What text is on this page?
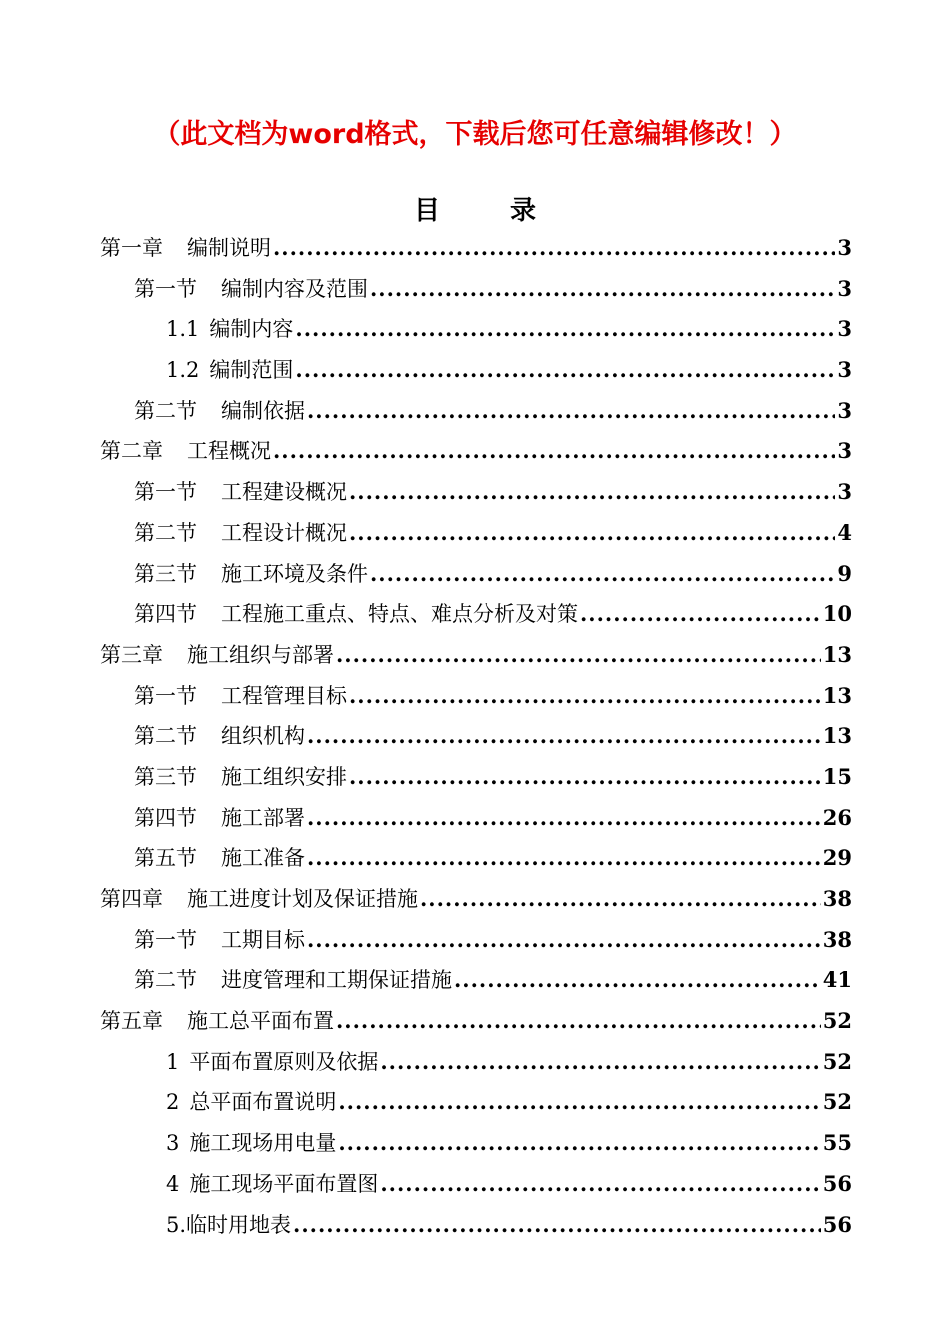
（此文档为word格式，下载后您可任意编辑修改！）
目	录
第一章 编制说明 .....	3
第一节 编制内容及范围 .....	3
1.1 编制内容 .....	3
1.2 编制范围 .....	3
第二节 编制依据 .....	3
第二章 工程概况 .....	3
第一节 工程建设概况 .....	3
第二节 工程设计概况 .....	4
第三节 施工环境及条件 .....	9
第四节 工程施工重点、特点、难点分析及对策 .....	10
第三章 施工组织与部署 .....	13
第一节 工程管理目标 .....	13
第二节 组织机构 .....	13
第三节 施工组织安排 .....	15
第四节 施工部署 .....	26
第五节 施工准备 .....	29
第四章 施工进度计划及保证措施 .....	38
第一节 工期目标 .....	38
第二节 进度管理和工期保证措施 .....	41
第五章 施工总平面布置 .....	52
1 平面布置原则及依据 .....	52
2 总平面布置说明 .....	52
3 施工现场用电量 .....	55
4 施工现场平面布置图 .....	56
5. 临时用地表 .....	56
